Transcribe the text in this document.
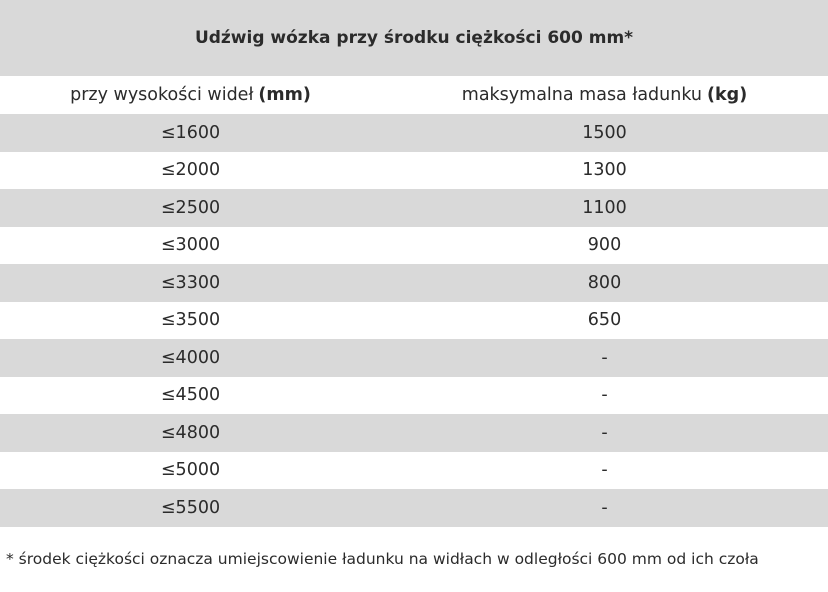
Udźwig wózka przy środku ciężkości 600 mm*
przy wysokości wideł (mm)	maksymalna masa ładunku (kg)
≤1600	1500
≤2000	1300
≤2500	1100
≤3000	900
≤3300	800
≤3500	650
≤4000	-
≤4500	-
≤4800	-
≤5000	-
≤5500	-
* środek ciężkości oznacza umiejscowienie ładunku na widłach w odległości 600 mm od ich czoła
